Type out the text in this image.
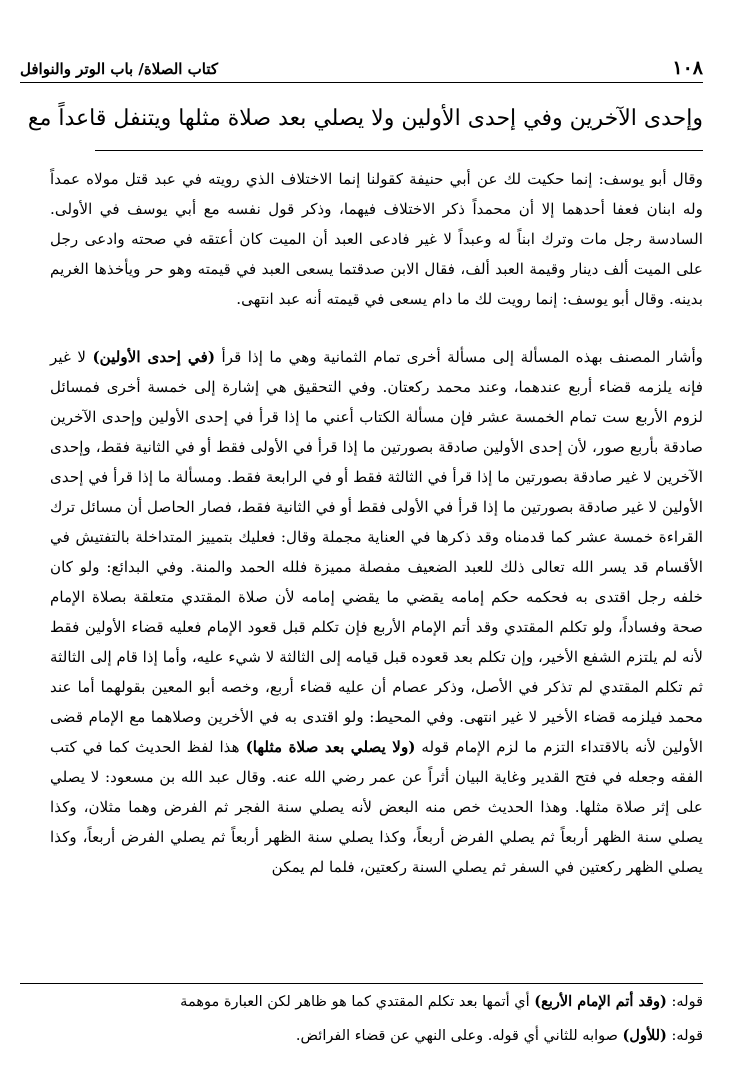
١٠٨
كتاب الصلاة/ باب الوتر والنوافل
وإحدى الآخرين وفي إحدى الأولين ولا يصلي بعد صلاة مثلها ويتنفل قاعداً مع

وقال أبو يوسف: إنما حكيت لك عن أبي حنيفة كقولنا إنما الاختلاف الذي رويته في عبد قتل مولاه عمداً وله ابنان فعفا أحدهما إلا أن محمداً ذكر الاختلاف فيهما، وذكر قول نفسه مع أبي يوسف في الأولى. السادسة رجل مات وترك ابناً له وعبداً لا غير فادعى العبد أن الميت كان أعتقه في صحته وادعى رجل على الميت ألف دينار وقيمة العبد ألف، فقال الابن صدقتما يسعى العبد في قيمته وهو حر ويأخذها الغريم بدينه. وقال أبو يوسف: إنما رويت لك ما دام يسعى في قيمته أنه عبد انتهى.

وأشار المصنف بهذه المسألة إلى مسألة أخرى تمام الثمانية وهي ما إذا قرأ (في إحدى الأولين) لا غير فإنه يلزمه قضاء أربع عندهما، وعند محمد ركعتان. وفي التحقيق هي إشارة إلى خمسة أخرى فمسائل لزوم الأربع ست تمام الخمسة عشر فإن مسألة الكتاب أعني ما إذا قرأ في إحدى الأولين وإحدى الآخرين صادقة بأربع صور، لأن إحدى الأولين صادقة بصورتين ما إذا قرأ في الأولى فقط أو في الثانية فقط، وإحدى الآخرين لا غير صادقة بصورتين ما إذا قرأ في الثالثة فقط أو في الرابعة فقط. ومسألة ما إذا قرأ في إحدى الأولين لا غير صادقة بصورتين ما إذا قرأ في الأولى فقط أو في الثانية فقط، فصار الحاصل أن مسائل ترك القراءة خمسة عشر كما قدمناه وقد ذكرها في العناية مجملة وقال: فعليك بتمييز المتداخلة بالتفتيش في الأقسام قد يسر الله تعالى ذلك للعبد الضعيف مفصلة مميزة فلله الحمد والمنة. وفي البدائع: ولو كان خلفه رجل اقتدى به فحكمه حكم إمامه يقضي ما يقضي إمامه لأن صلاة المقتدي متعلقة بصلاة الإمام صحة وفساداً، ولو تكلم المقتدي وقد أتم الإمام الأربع فإن تكلم قبل قعود الإمام فعليه قضاء الأولين فقط لأنه لم يلتزم الشفع الأخير، وإن تكلم بعد قعوده قبل قيامه إلى الثالثة لا شيء عليه، وأما إذا قام إلى الثالثة ثم تكلم المقتدي لم تذكر في الأصل، وذكر عصام أن عليه قضاء أربع، وخصه أبو المعين بقولهما أما عند محمد فيلزمه قضاء الأخير لا غير انتهى. وفي المحيط: ولو اقتدى به في الأخرين وصلاهما مع الإمام قضى الأولين لأنه بالاقتداء التزم ما لزم الإمام قوله (ولا يصلي بعد صلاة مثلها) هذا لفظ الحديث كما في كتب الفقه وجعله في فتح القدير وغاية البيان أثراً عن عمر رضي الله عنه. وقال عبد الله بن مسعود: لا يصلي على إثر صلاة مثلها. وهذا الحديث خص منه البعض لأنه يصلي سنة الفجر ثم الفرض وهما مثلان، وكذا يصلي سنة الظهر أربعاً ثم يصلي الفرض أربعاً، وكذا يصلي سنة الظهر أربعاً ثم يصلي الفرض أربعاً، وكذا يصلي الظهر ركعتين في السفر ثم يصلي السنة ركعتين، فلما لم يمكن

قوله: (وقد أتم الإمام الأربع) أي أتمها بعد تكلم المقتدي كما هو ظاهر لكن العبارة موهمة

قوله: (للأول) صوابه للثاني أي قوله. وعلى النهي عن قضاء الفرائض.
